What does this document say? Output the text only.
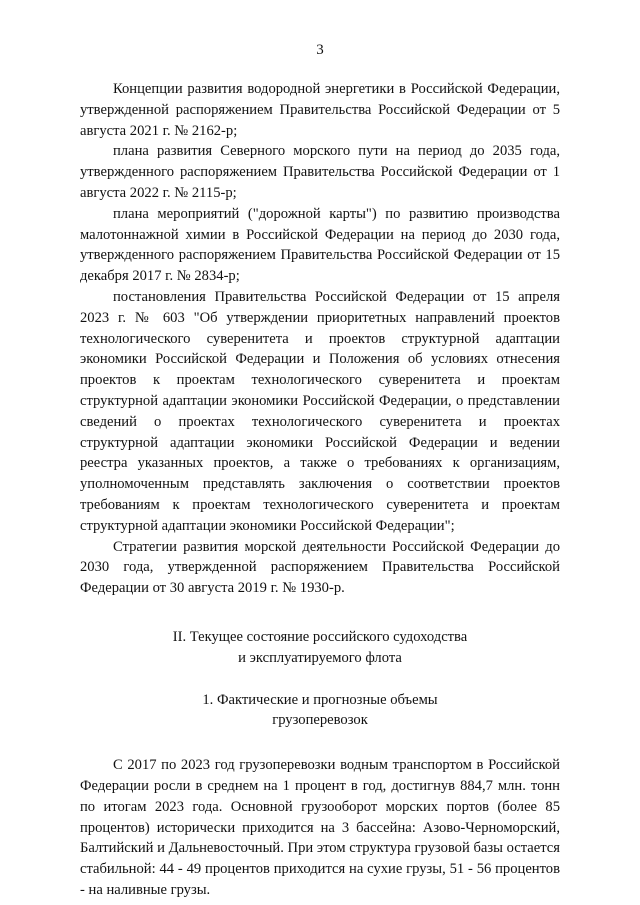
3

Концепции развития водородной энергетики в Российской Федерации, утвержденной распоряжением Правительства Российской Федерации от 5 августа 2021 г. № 2162-р;

плана развития Северного морского пути на период до 2035 года, утвержденного распоряжением Правительства Российской Федерации от 1 августа 2022 г. № 2115-р;

плана мероприятий ("дорожной карты") по развитию производства малотоннажной химии в Российской Федерации на период до 2030 года, утвержденного распоряжением Правительства Российской Федерации от 15 декабря 2017 г. № 2834-р;

постановления Правительства Российской Федерации от 15 апреля 2023 г. № 603 "Об утверждении приоритетных направлений проектов технологического суверенитета и проектов структурной адаптации экономики Российской Федерации и Положения об условиях отнесения проектов к проектам технологического суверенитета и проектам структурной адаптации экономики Российской Федерации, о представлении сведений о проектах технологического суверенитета и проектах структурной адаптации экономики Российской Федерации и ведении реестра указанных проектов, а также о требованиях к организациям, уполномоченным представлять заключения о соответствии проектов требованиям к проектам технологического суверенитета и проектам структурной адаптации экономики Российской Федерации";

Стратегии развития морской деятельности Российской Федерации до 2030 года, утвержденной распоряжением Правительства Российской Федерации от 30 августа 2019 г. № 1930-р.

II. Текущее состояние российского судоходства
и эксплуатируемого флота
1. Фактические и прогнозные объемы
грузоперевозок

С 2017 по 2023 год грузоперевозки водным транспортом в Российской Федерации росли в среднем на 1 процент в год, достигнув 884,7 млн. тонн по итогам 2023 года. Основной грузооборот морских портов (более 85 процентов) исторически приходится на 3 бассейна: Азово-Черноморский, Балтийский и Дальневосточный. При этом структура грузовой базы остается стабильной: 44 - 49 процентов приходится на сухие грузы, 51 - 56 процентов - на наливные грузы.
